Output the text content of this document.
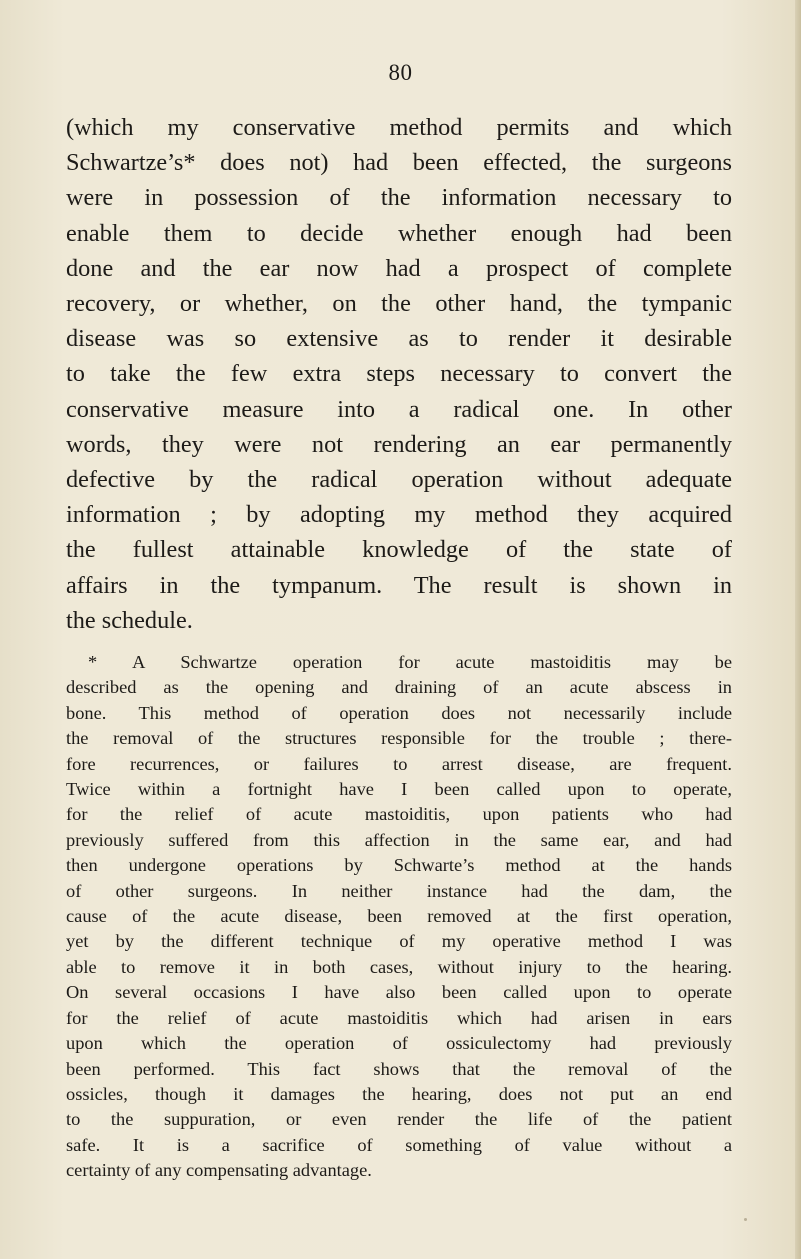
80
(which my conservative method permits and which
Schwartze’s* does not) had been effected, the surgeons
were in possession of the information necessary to
enable them to decide whether enough had been
done and the ear now had a prospect of complete
recovery, or whether, on the other hand, the tympanic
disease was so extensive as to render it desirable
to take the few extra steps necessary to convert the
conservative measure into a radical one. In other
words, they were not rendering an ear permanently
defective by the radical operation without adequate
information ; by adopting my method they acquired
the fullest attainable knowledge of the state of
affairs in the tympanum. The result is shown in
the schedule.
* A Schwartze operation for acute mastoiditis may be
described as the opening and draining of an acute abscess in
bone. This method of operation does not necessarily include
the removal of the structures responsible for the trouble ; there-
fore recurrences, or failures to arrest disease, are frequent.
Twice within a fortnight have I been called upon to operate,
for the relief of acute mastoiditis, upon patients who had
previously suffered from this affection in the same ear, and had
then undergone operations by Schwarte’s method at the hands
of other surgeons. In neither instance had the dam, the
cause of the acute disease, been removed at the first operation,
yet by the different technique of my operative method I was
able to remove it in both cases, without injury to the hearing.
On several occasions I have also been called upon to operate
for the relief of acute mastoiditis which had arisen in ears
upon which the operation of ossiculectomy had previously
been performed. This fact shows that the removal of the
ossicles, though it damages the hearing, does not put an end
to the suppuration, or even render the life of the patient
safe. It is a sacrifice of something of value without a
certainty of any compensating advantage.
